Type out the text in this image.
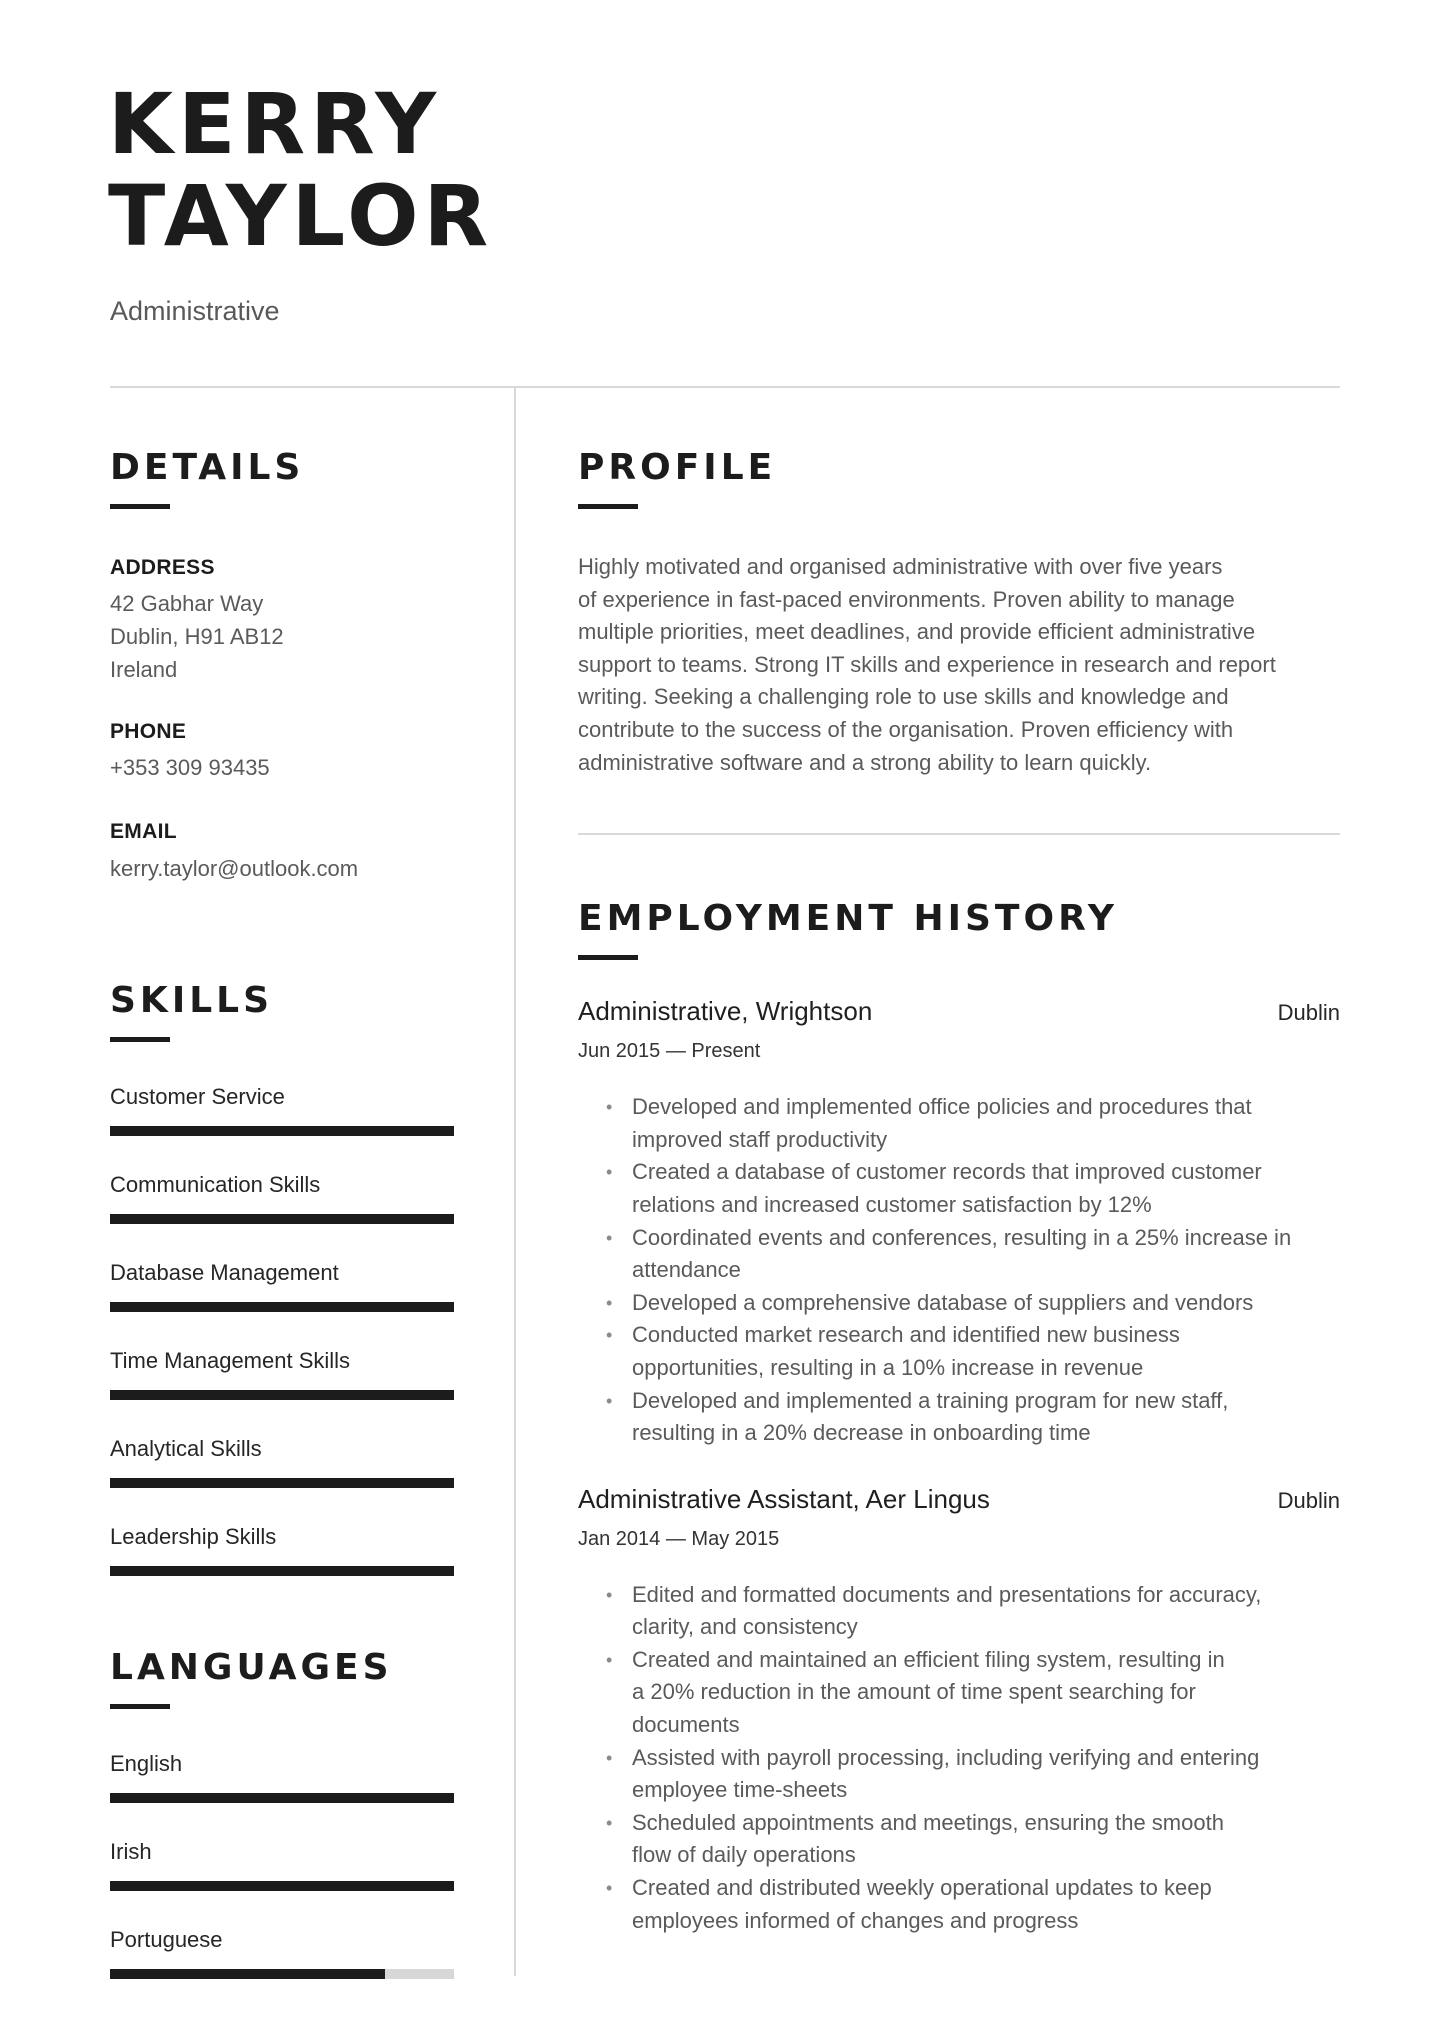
KERRY
TAYLOR

Administrative

DETAILS

ADDRESS

42 Gabhar Way

Dublin, H91 AB12

Ireland

PHONE

+353 309 93435

EMAIL

kerry.taylor@outlook.com

SKILLS
Customer Service
Communication Skills
Database Management
Time Management Skills
Analytical Skills
Leadership Skills
LANGUAGES
English
Irish
Portuguese
PROFILE

Highly motivated and organised administrative with over five years

of experience in fast-paced environments. Proven ability to manage

multiple priorities, meet deadlines, and provide efficient administrative

support to teams. Strong IT skills and experience in research and report

writing. Seeking a challenging role to use skills and knowledge and

contribute to the success of the organisation. Proven efficiency with

administrative software and a strong ability to learn quickly.

EMPLOYMENT HISTORY

Administrative, Wrightson	Dublin

Jun 2015 — Present

• Developed and implemented office policies and procedures that
improved staff productivity
• Created a database of customer records that improved customer
relations and increased customer satisfaction by 12%
• Coordinated events and conferences, resulting in a 25% increase in
attendance
• Developed a comprehensive database of suppliers and vendors
• Conducted market research and identified new business
opportunities, resulting in a 10% increase in revenue
• Developed and implemented a training program for new staff,
resulting in a 20% decrease in onboarding time

Administrative Assistant, Aer Lingus	Dublin

Jan 2014 — May 2015

• Edited and formatted documents and presentations for accuracy,
clarity, and consistency
• Created and maintained an efficient filing system, resulting in
a 20% reduction in the amount of time spent searching for
documents
• Assisted with payroll processing, including verifying and entering
employee time-sheets
• Scheduled appointments and meetings, ensuring the smooth
flow of daily operations
• Created and distributed weekly operational updates to keep
employees informed of changes and progress
